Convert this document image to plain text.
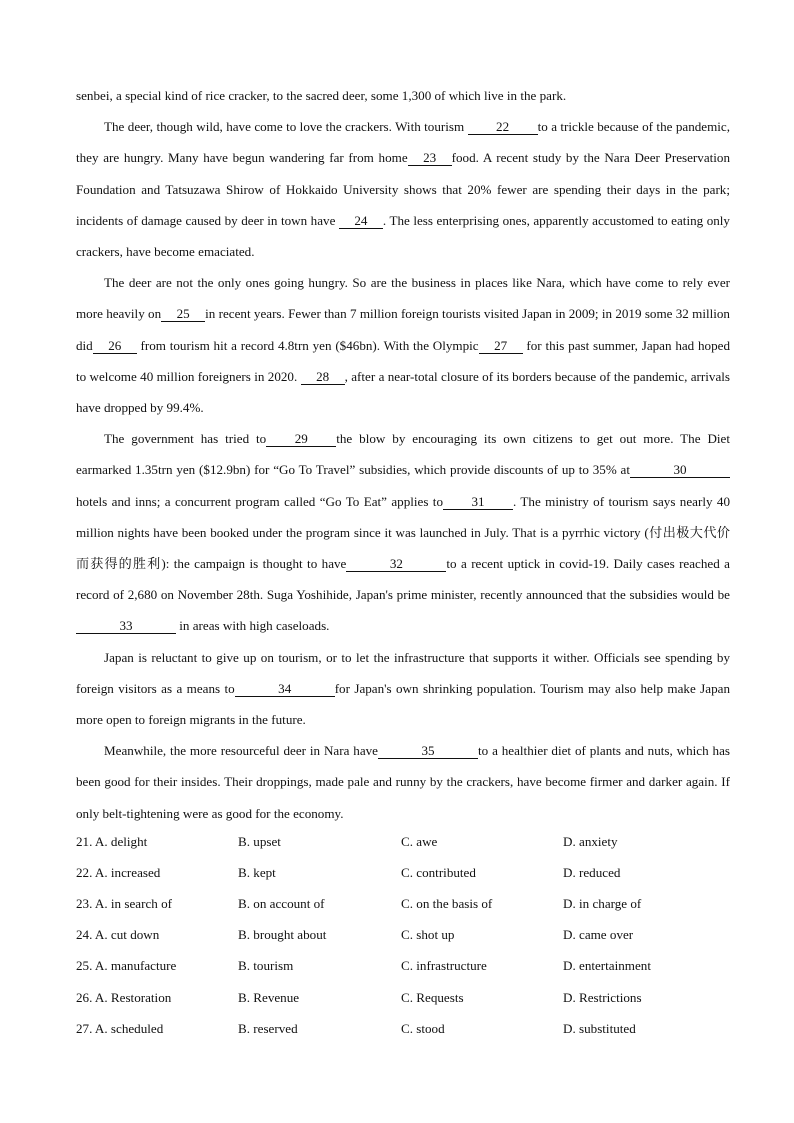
senbei, a special kind of rice cracker, to the sacred deer, some 1,300 of which live in the park.

The deer, though wild, have come to love the crackers. With tourism 22 to a trickle because of the pandemic, they are hungry. Many have begun wandering far from home 23 food. A recent study by the Nara Deer Preservation Foundation and Tatsuzawa Shirow of Hokkaido University shows that 20% fewer are spending their days in the park; incidents of damage caused by deer in town have 24 . The less enterprising ones, apparently accustomed to eating only crackers, have become emaciated.

The deer are not the only ones going hungry. So are the business in places like Nara, which have come to rely ever more heavily on 25 in recent years. Fewer than 7 million foreign tourists visited Japan in 2009; in 2019 some 32 million did 26 from tourism hit a record 4.8trn yen ($46bn). With the Olympic 27 for this past summer, Japan had hoped to welcome 40 million foreigners in 2020. 28 , after a near-total closure of its borders because of the pandemic, arrivals have dropped by 99.4%.

The government has tried to 29 the blow by encouraging its own citizens to get out more. The Diet earmarked 1.35trn yen ($12.9bn) for “Go To Travel” subsidies, which provide discounts of up to 35% at	30hotels and inns; a concurrent program called “Go To Eat” applies to 31 . The ministry of tourism says nearly 40 million nights have been booked under the program since it was launched in July. That is a pyrrhic victory (付出极大代价而获得的胜利): the campaign is thought to have	32	to a recent uptick in covid-19. Daily cases reached a record of 2,680 on November 28th. Suga Yoshihide, Japan's prime minister, recently announced that the subsidies would be33	in areas with high caseloads.

Japan is reluctant to give up on tourism, or to let the infrastructure that supports it wither. Officials see spending by foreign visitors as a means to	34	for Japan's own shrinking population. Tourism may also help make Japan more open to foreign migrants in the future.

Meanwhile, the more resourceful deer in Nara have	35	to a healthier diet of plants and nuts, which has been good for their insides. Their droppings, made pale and runny by the crackers, have become firmer and darker again. If only belt-tightening were as good for the economy.

21. A. delight	B. upset	C. awe	D. anxiety
22. A. increased	B. kept	C. contributed	D. reduced
23. A. in search of	B. on account of	C. on the basis of	D. in charge of
24. A. cut down	B. brought about	C. shot up	D. came over
25. A. manufacture	B. tourism	C. infrastructure	D. entertainment
26. A. Restoration	B. Revenue	C. Requests	D. Restrictions
27. A. scheduled	B. reserved	C. stood	D. substituted
